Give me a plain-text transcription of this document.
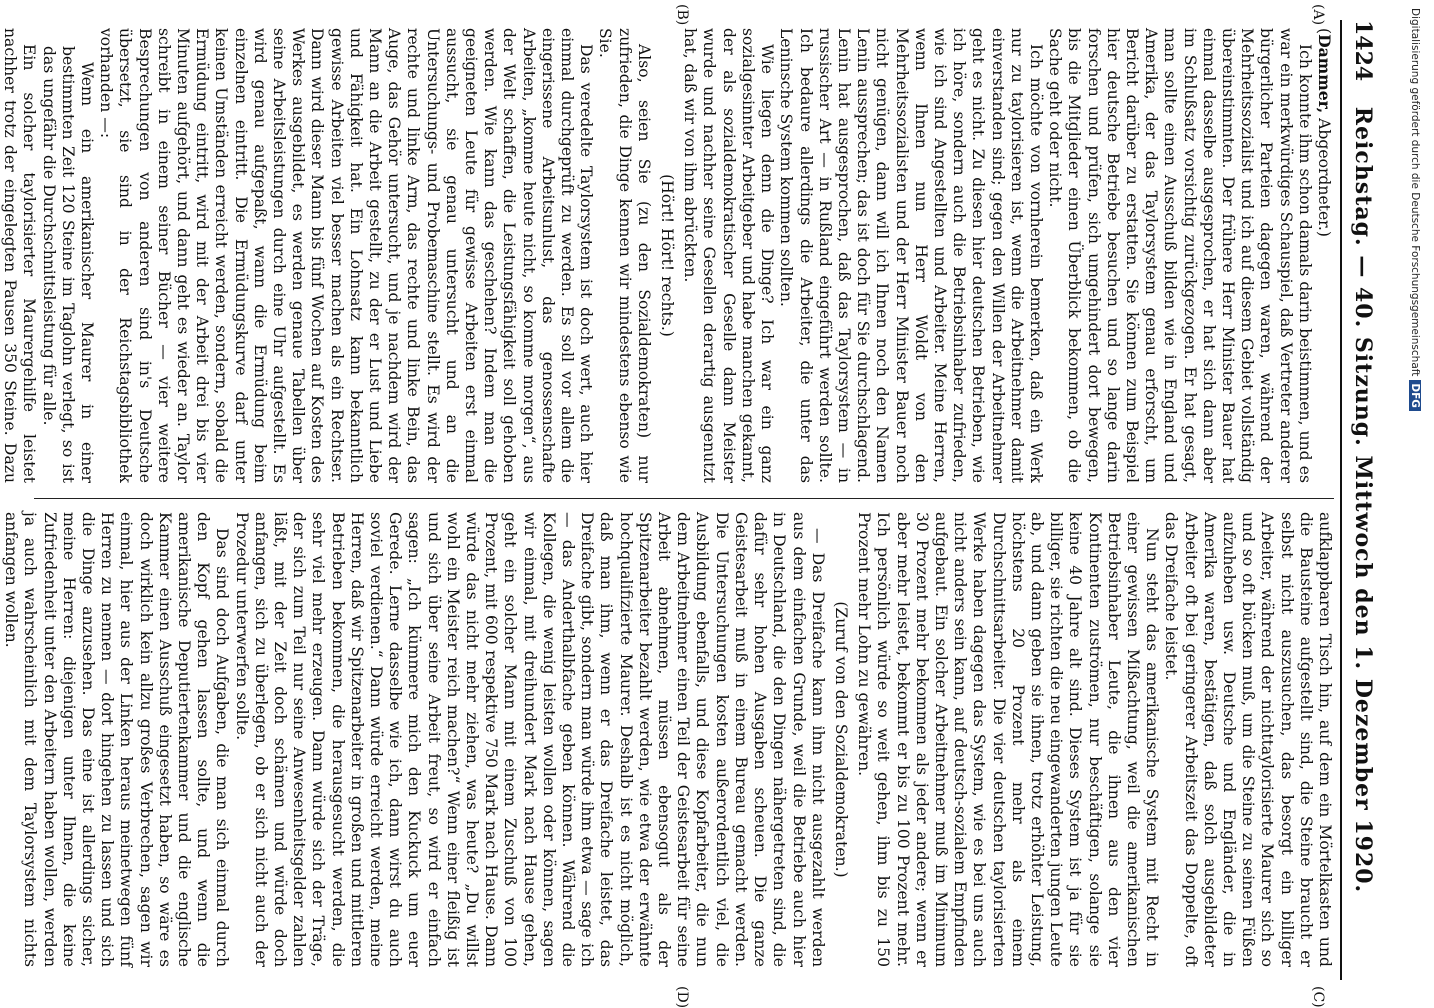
1424
Reichstag. — 40. Sitzung. Mittwoch den 1. Dezember 1920.
(A)
(B)
(C)
(D)

(Dammer, Abgeordneter.)

Ich konnte ihm schon damals darin beistimmen, und es war ein merkwürdiges Schauspiel, daß Vertreter anderer bürgerlicher Parteien dagegen waren, während der Mehrheitssozialist und ich auf diesem Gebiet vollständig übereinstimmten. Der frühere Herr Minister Bauer hat einmal dasselbe ausgesprochen, er hat sich dann aber im Schlußsatz vorsichtig zurückgezogen. Er hat gesagt, man sollte einen Ausschuß bilden wie in England und Amerika, der das Taylorsystem genau erforscht, um Bericht darüber zu erstatten. Sie können zum Beispiel hier deutsche Betriebe besuchen und so lange darin forschen und prüfen, sich umgehindert dort bewegen, bis die Mitglieder einen Überblick bekommen, ob die Sache geht oder nicht.

Ich möchte von vornherein bemerken, daß ein Werk nur zu taylorisieren ist, wenn die Arbeitnehmer damit einverstanden sind; gegen den Willen der Arbeitnehmer geht es nicht. Zu diesen hier deutschen Betrieben, wie ich höre, sondern auch die Betriebsinhaber zufrieden, wie ich sind Angestellten und Arbeiter. Meine Herren, wenn Ihnen nun Herr Woldt von den Mehrheitssozialisten und der Herr Minister Bauer noch nicht genügen, dann will ich Ihnen noch den Namen Lenin aussprechen; das ist doch für Sie durchschlagend. Lenin hat ausgesprochen, daß das Taylorsystem — in russischer Art — in Rußland eingeführt werden sollte. Ich bedaure allerdings die Arbeiter, die unter das Leninsche System kommen sollten.

Wie liegen denn die Dinge? Ich war ein ganz sozialgesinnter Arbeitgeber und habe manchen gekannt, der als sozialdemokratischer Geselle dann Meister wurde und nachher seine Gesellen derartig ausgenutzt hat, daß wir von ihm abrückten.

(Hört! Hört! rechts.)

Also, seien Sie (zu den Sozialdemokraten) nur zufrieden, die Dinge kennen wir mindestens ebenso wie Sie.

Das veredelte Taylorsystem ist doch wert, auch hier einmal durchgeprüft zu werden. Es soll vor allem die eingerissene Arbeitsunlust, das genossenschafte Arbeiten, „komme heute nicht, so komme morgen“, aus der Welt schaffen, die Leistungsfähigkeit soll gehoben werden. Wie kann das geschehen? Indem man die geeigneten Leute für gewisse Arbeiten erst einmal aussucht, sie genau untersucht und an die Untersuchungs- und Probemaschine stellt. Es wird der rechte und linke Arm, das rechte und linke Bein, das Auge, das Gehör untersucht, und je nachdem wird der Mann an die Arbeit gestellt, zu der er Lust und Liebe und Fähigkeit hat. Ein Lohnsatz kann bekanntlich gewisse Arbeiten viel besser machen als ein Rechtser. Dann wird dieser Mann bis fünf Wochen auf Kosten des Werkes ausgebildet, es werden genaue Tabellen über seine Arbeitsleistungen durch eine Uhr aufgestellt. Es wird genau aufgepaßt, wann die Ermüdung beim einzelnen eintritt. Die Ermüdungskurve darf unter keinen Umständen erreicht werden, sondern, sobald die Ermüdung eintritt, wird mit der Arbeit drei bis vier Minuten aufgehört, und dann geht es wieder an. Taylor schreibt in einem seiner Bücher — vier weitere Besprechungen von anderen sind in's Deutsche übersetzt, sie sind in der Reichstagsbibliothek vorhanden —:

Wenn ein amerikanischer Maurer in einer bestimmten Zeit 120 Steine im Taglohn verlegt, so ist das ungefähr die Durchschnittsleistung für alle.

Ein solcher taylorisierter Maurergehilfe leistet nachher trotz der eingelegten Pausen 350 Steine. Dazu

aufklappbaren Tisch hin, auf dem ein Mörtelkasten und die Bausteine aufgestellt sind, die Steine braucht er selbst nicht auszusuchen, das besorgt ein billiger Arbeiter, während der nichttaylorisierte Maurer sich so und so oft bücken muß, um die Steine zu seinen Füßen aufzuheben usw. Deutsche und Engländer, die in Amerika waren, bestätigen, daß solch ausgebildeter Arbeiter oft bei geringerer Arbeitszeit das Doppelte, oft das Dreifache leistet.

Nun steht das amerikanische System mit Recht in einer gewissen Mißachtung, weil die amerikanischen Betriebsinhaber Leute, die ihnen aus den vier Kontinenten zuströmen, nur beschäftigen, solange sie keine 40 Jahre alt sind. Dieses System ist ja für sie billiger, sie richten die neu eingewanderten jungen Leute ab, und dann geben sie ihnen, trotz erhöhter Leistung, höchstens 20 Prozent mehr als einem Durchschnittsarbeiter. Die vier deutschen taylorisierten Werke haben dagegen das System, wie es bei uns auch nicht anders sein kann, auf deutsch-sozialem Empfinden aufgebaut. Ein solcher Arbeitnehmer muß im Minimum 30 Prozent mehr bekommen als jeder andere; wenn er aber mehr leistet, bekommt er bis zu 100 Prozent mehr. Ich persönlich würde so weit gehen, ihm bis zu 150 Prozent mehr Lohn zu gewähren.

(Zuruf von den Sozialdemokraten.)

— Das Dreifache kann ihm nicht ausgezahlt werden aus dem einfachen Grunde, weil die Betriebe auch hier in Deutschland, die den Dingen nähergetreten sind, die dafür sehr hohen Ausgaben scheuen. Die ganze Geistesarbeit muß in einem Bureau gemacht werden. Die Untersuchungen kosten außerordentlich viel, die Ausbildung ebenfalls, und diese Kopfarbeiter, die nun dem Arbeitnehmer einen Teil der Geistesarbeit für seine Arbeit abnehmen, müssen ebensogut als der Spitzenarbeiter bezahlt werden, wie etwa der erwähnte hochqualifizierte Maurer. Deshalb ist es nicht möglich, daß man ihm, wenn er das Dreifache leistet, das Dreifache gibt, sondern man würde ihm etwa — sage ich — das Anderthalbfache geben können. Während die Kollegen, die wenig leisten wollen oder können, sagen wir einmal, mit dreihundert Mark nach Hause gehen, geht ein solcher Mann mit einem Zuschuß von 100 Prozent, mit 600 respektive 750 Mark nach Hause. Dann würde das nicht mehr ziehen, was heute? „Du willst wohl ein Meister reich machen?“ Wenn einer fleißig ist und sich über seine Arbeit freut, so wird er einfach sagen: „Ich kümmere mich den Kuckuck um euer Gerede. Lerne dasselbe wie ich, dann wirst du auch soviel verdienen.“ Dann würde erreicht werden, meine Herren, daß wir Spitzenarbeiter in großen und mittleren Betrieben bekommen, die herausgesucht werden, die sehr viel mehr erzeugen. Dann würde sich der Träge, der sich zum Teil nur seine Anwesenheitsgelder zahlen läßt, mit der Zeit doch schämen und würde doch anfangen, sich zu überlegen, ob er sich nicht auch der Prozedur unterwerfen sollte.

Das sind doch Aufgaben, die man sich einmal durch den Kopf gehen lassen sollte, und wenn die amerikanische Deputiertenkammer und die englische Kammer einen Ausschuß eingesetzt haben, so wäre es doch wirklich kein allzu großes Verbrechen, sagen wir einmal, hier aus der Linken heraus meinetwegen fünf Herren zu nennen — dort hingehen zu lassen und sich die Dinge anzusehen. Das eine ist allerdings sicher, meine Herren: diejenigen unter Ihnen, die keine Zufriedenheit unter den Arbeitern haben wollen, werden ja auch wahrscheinlich mit dem Taylorsystem nichts anfangen wollen.

Digitalisierung gefördert durch die Deutsche ForschungsgemeinschaftDFG
